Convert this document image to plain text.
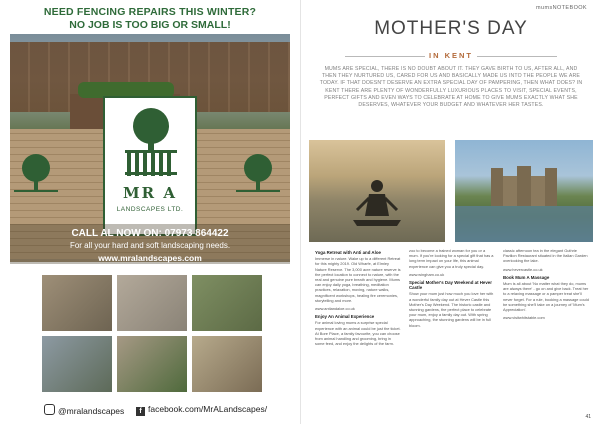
NEED FENCING REPAIRS THIS WINTER?
NO JOB IS TOO BIG OR SMALL!
MR A
LANDSCAPES LTD.
CALL AL NOW ON: 07973 864422
For all your hard and soft landscaping needs.
www.mralandscapes.com
@mralandscapes	f facebook.com/MrALandscapes/
mumsNOTEBOOK
MOTHER'S DAY
IN KENT
MUMS ARE SPECIAL, THERE IS NO DOUBT ABOUT IT. THEY GAVE BIRTH TO US, AFTER ALL, AND THEN THEY NURTURED US, CARED FOR US AND BASICALLY MADE US INTO THE PEOPLE WE ARE TODAY. IF THAT DOESN'T DESERVE AN EXTRA SPECIAL DAY OF PAMPERING, THEN WHAT DOES? IN KENT THERE ARE PLENTY OF WONDERFULLY LUXURIOUS PLACES TO VISIT, SPECIAL EVENTS, PERFECT GIFTS AND EVEN WAYS TO CELEBRATE AT HOME TO GIVE MUMS EXACTLY WHAT SHE DESERVES, WHATEVER YOUR BUDGET AND WHATEVER HER TASTES.
Yoga Retreat with Anti and Aloe

Immerse in nature. Wake up to a different Retreat for this mighty 2019. Old Wharfe, at Elmley Nature Reserve. The 3,000 acre nature reserve is the perfect location to connect to nature, with the real and genuine pure breath and hygiene. Mums can enjoy daily yoga, breathing, meditation practices, relaxation, moving, nature walks, magnificent workshops, healing fire ceremonies, storytelling and more.

www.antiandaloe.co.uk

Enjoy An Animal Experience

For animal loving mums a surprise special experience with an animal could be just the ticket. At Bore Place, a family favourite, you can choose from animal handling and grooming, bring in some feed, and enjoy the delights of the farm.

zoo to become a trained woman for you or a mum. If you're looking for a special gift that has a long term impact on your life, this animal experience can give you a truly special day.

www.wingham.co.uk

Special Mother's Day Weekend at Hever Castle

Show your mum just how much you love her with a wonderful family day out at Hever Castle this Mother's Day Weekend. The historic castle and stunning gardens, the perfect place to celebrate your mum, enjoy a family day out. With spring approaching, the stunning gardens will be in full bloom.

classic afternoon tea in the elegant Guthrie Pavilion Restaurant situated in the Italian Garden overlooking the lake.

www.hevercastle.co.uk

Book Mum A Massage

Mum is all about 'No matter what they do, mums are always there' - go on and give back. Treat her to a relaxing massage or a pamper treat she'll never forget. For a rule, booking a massage could be something she'll take on a journey of 'Mum's Appreciation'.

www.visitwhitstable.com

41
